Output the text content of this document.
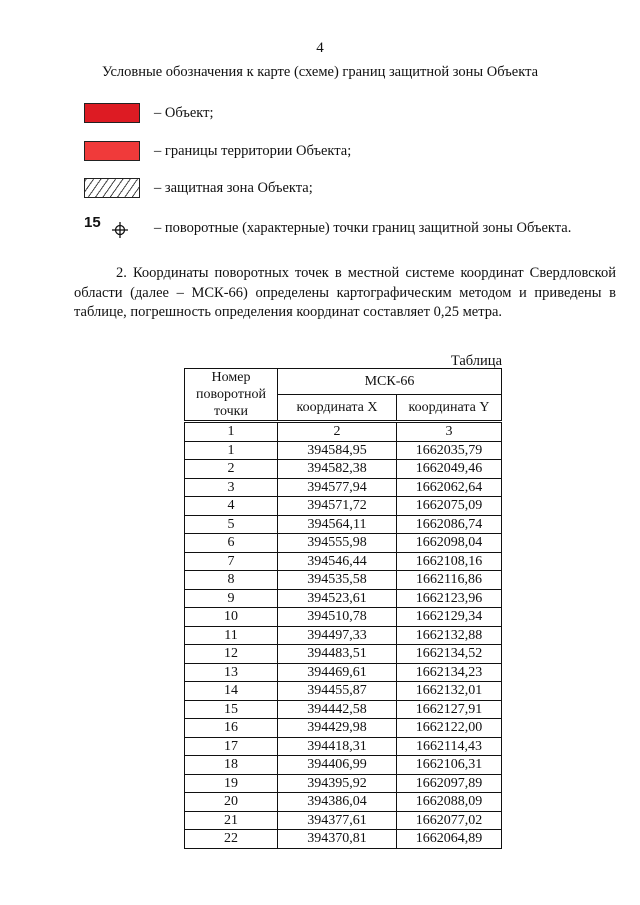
4
Условные обозначения к карте (схеме) границ защитной зоны Объекта
– Объект;
– границы территории Объекта;
– защитная зона Объекта;
15	– поворотные (характерные) точки границ защитной зоны Объекта.

2. Координаты поворотных точек в местной системе координат Свердловской области (далее – МСК-66) определены картографическим методом и приведены в таблице, погрешность определения координат составляет 0,25 метра.

Таблица
Номер поворотной точки	МСК-66	
	координата X	координата Y
1	2	3
1	394584,95	1662035,79
2	394582,38	1662049,46
3	394577,94	1662062,64
4	394571,72	1662075,09
5	394564,11	1662086,74
6	394555,98	1662098,04
7	394546,44	1662108,16
8	394535,58	1662116,86
9	394523,61	1662123,96
10	394510,78	1662129,34
11	394497,33	1662132,88
12	394483,51	1662134,52
13	394469,61	1662134,23
14	394455,87	1662132,01
15	394442,58	1662127,91
16	394429,98	1662122,00
17	394418,31	1662114,43
18	394406,99	1662106,31
19	394395,92	1662097,89
20	394386,04	1662088,09
21	394377,61	1662077,02
22	394370,81	1662064,89
